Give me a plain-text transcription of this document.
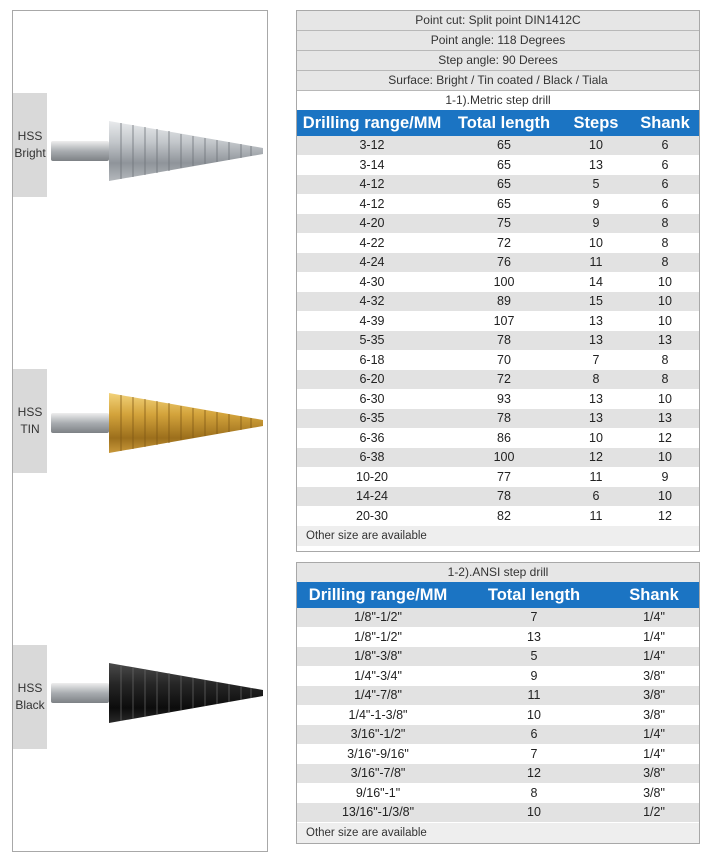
HSS
Bright
HSS
TIN
HSS
Black
Point cut: Split point DIN1412C
Point angle: 118 Degrees
Step angle: 90 Derees
Surface: Bright / Tin coated / Black / Tiala
1-1).Metric step drill
Drilling range/MM	Total length	Steps	Shank
3-12	65	10	6
3-14	65	13	6
4-12	65	5	6
4-12	65	9	6
4-20	75	9	8
4-22	72	10	8
4-24	76	11	8
4-30	100	14	10
4-32	89	15	10
4-39	107	13	10
5-35	78	13	13
6-18	70	7	8
6-20	72	8	8
6-30	93	13	10
6-35	78	13	13
6-36	86	10	12
6-38	100	12	10
10-20	77	11	9
14-24	78	6	10
20-30	82	11	12
Other size are available
1-2).ANSI step drill
Drilling range/MM	Total length	Shank
1/8"-1/2"	7	1/4"
1/8"-1/2"	13	1/4"
1/8"-3/8"	5	1/4"
1/4"-3/4"	9	3/8"
1/4"-7/8"	11	3/8"
1/4"-1-3/8"	10	3/8"
3/16"-1/2"	6	1/4"
3/16"-9/16"	7	1/4"
3/16"-7/8"	12	3/8"
9/16"-1"	8	3/8"
13/16"-1/3/8"	10	1/2"
Other size are available
